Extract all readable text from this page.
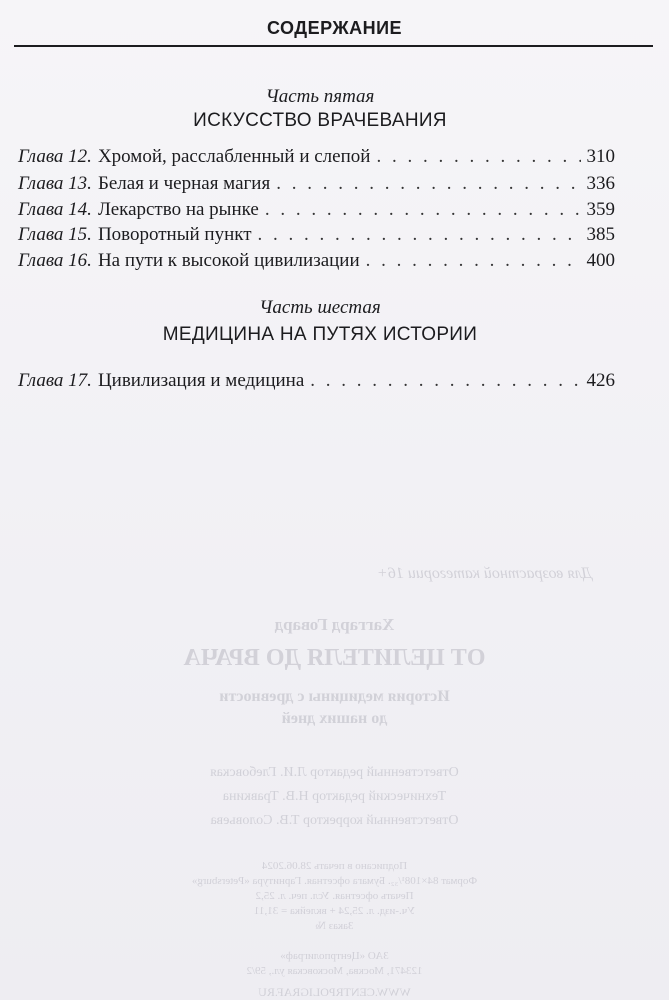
СОДЕРЖАНИЕ
Часть пятая
ИСКУССТВО ВРАЧЕВАНИЯ
Глава 12. Хромой, расслабленный и слепой . . .	310
Глава 13. Белая и черная магия . . .	336
Глава 14. Лекарство на рынке . . .	359
Глава 15. Поворотный пункт . . .	385
Глава 16. На пути к высокой цивилизации . . .	400
Часть шестая
МЕДИЦИНА НА ПУТЯХ ИСТОРИИ
Глава 17. Цивилизация и медицина . . .	426
Для возрастной категории 16+
Хаггард Говард
ОТ ЦЕЛИТЕЛЯ ДО ВРАЧА
История медицины с древности
до наших дней
Ответственный редактор Л.И. Глебовская
Технический редактор Н.В. Травкина
Ответственный корректор Т.В. Соловьева
Подписано в печать 28.06.2024
Формат 84×108¹/₃₂. Бумага офсетная. Гарнитура «Petersburg»
Печать офсетная. Усл. печ. л. 25,2
Уч.-изд. л. 25,24 + вклейка = 31,11
Заказ №
ЗАО «Центрполиграф»
123471, Москва, Московская ул., 59/2
WWW.CENTRPOLIGRAF.RU
